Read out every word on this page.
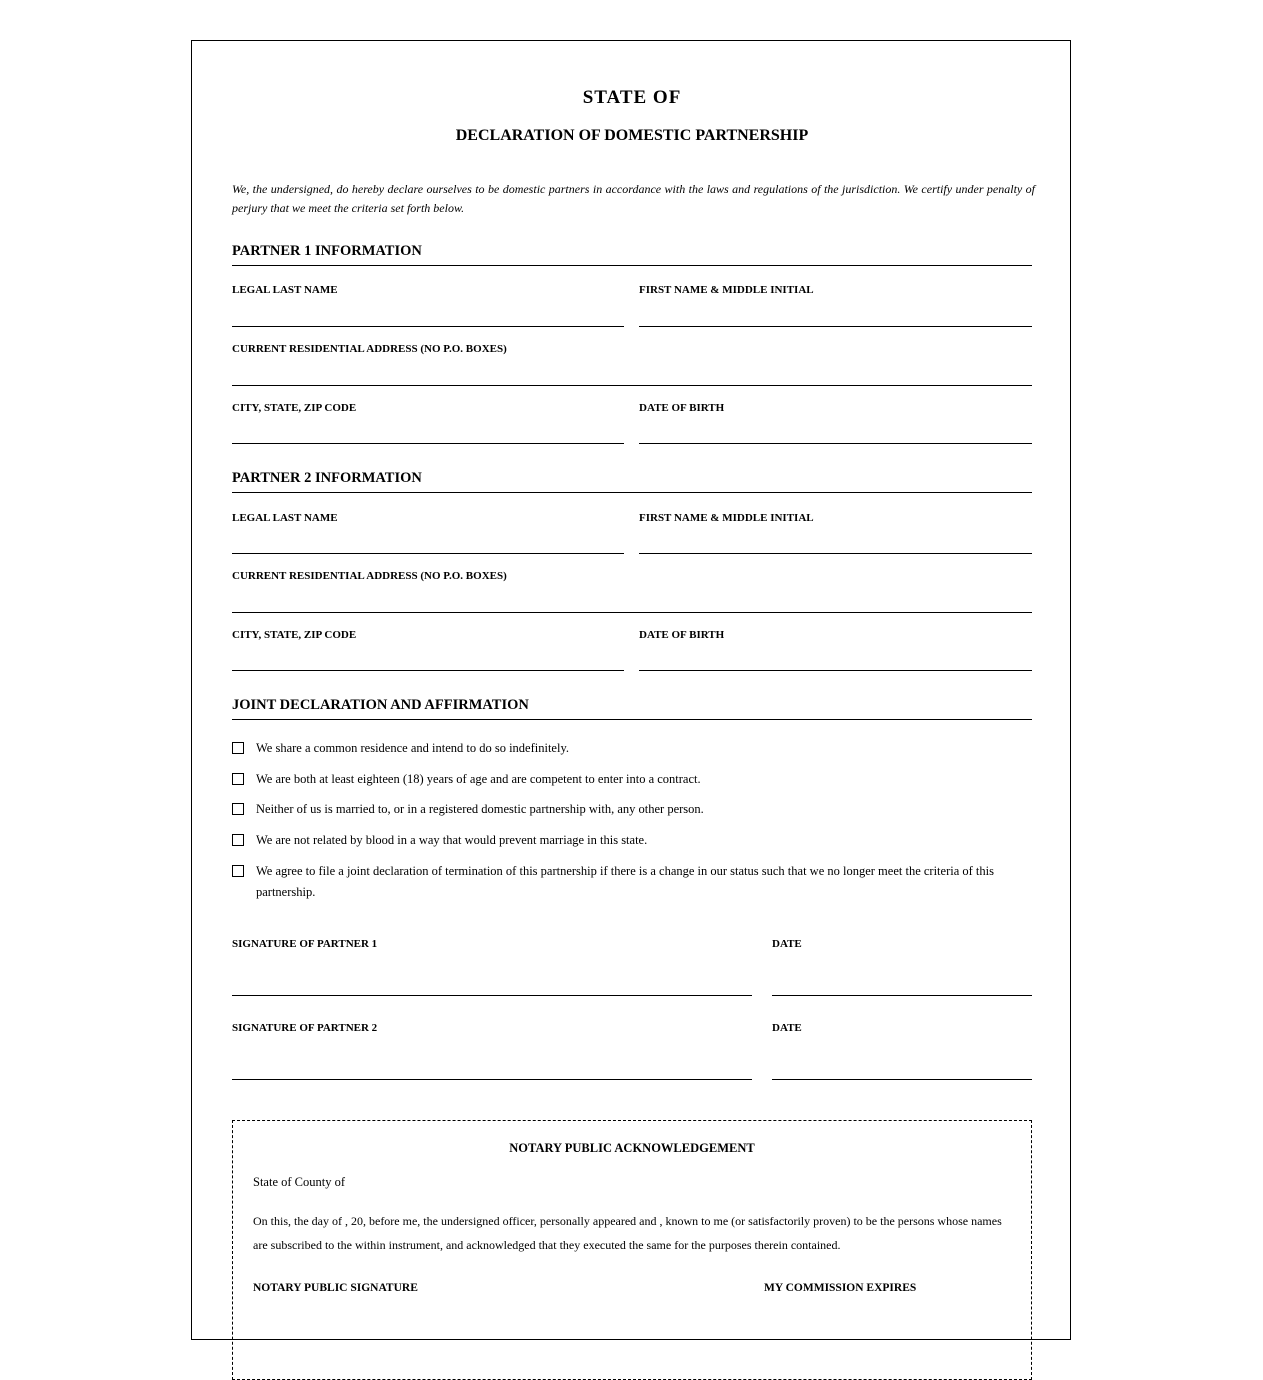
STATE OF
DECLARATION OF DOMESTIC PARTNERSHIP

We, the undersigned, do hereby declare ourselves to be domestic partners in accordance with the laws and regulations of the jurisdiction. We certify under penalty of perjury that we meet the criteria set forth below.

PARTNER 1 INFORMATION
LEGAL LAST NAME	FIRST NAME & MIDDLE INITIAL
CURRENT RESIDENTIAL ADDRESS (NO P.O. BOXES)
CITY, STATE, ZIP CODE	DATE OF BIRTH
PARTNER 2 INFORMATION
LEGAL LAST NAME	FIRST NAME & MIDDLE INITIAL
CURRENT RESIDENTIAL ADDRESS (NO P.O. BOXES)
CITY, STATE, ZIP CODE	DATE OF BIRTH
JOINT DECLARATION AND AFFIRMATION
We share a common residence and intend to do so indefinitely.
We are both at least eighteen (18) years of age and are competent to enter into a contract.
Neither of us is married to, or in a registered domestic partnership with, any other person.
We are not related by blood in a way that would prevent marriage in this state.
We agree to file a joint declaration of termination of this partnership if there is a change in our status such that we no longer meet the criteria of this partnership.
SIGNATURE OF PARTNER 1	DATE
SIGNATURE OF PARTNER 2	DATE
NOTARY PUBLIC ACKNOWLEDGEMENT
State of County of

On this, the day of , 20, before me, the undersigned officer, personally appeared and , known to me (or satisfactorily proven) to be the persons whose names are subscribed to the within instrument, and acknowledged that they executed the same for the purposes therein contained.

NOTARY PUBLIC SIGNATURE	MY COMMISSION EXPIRES
